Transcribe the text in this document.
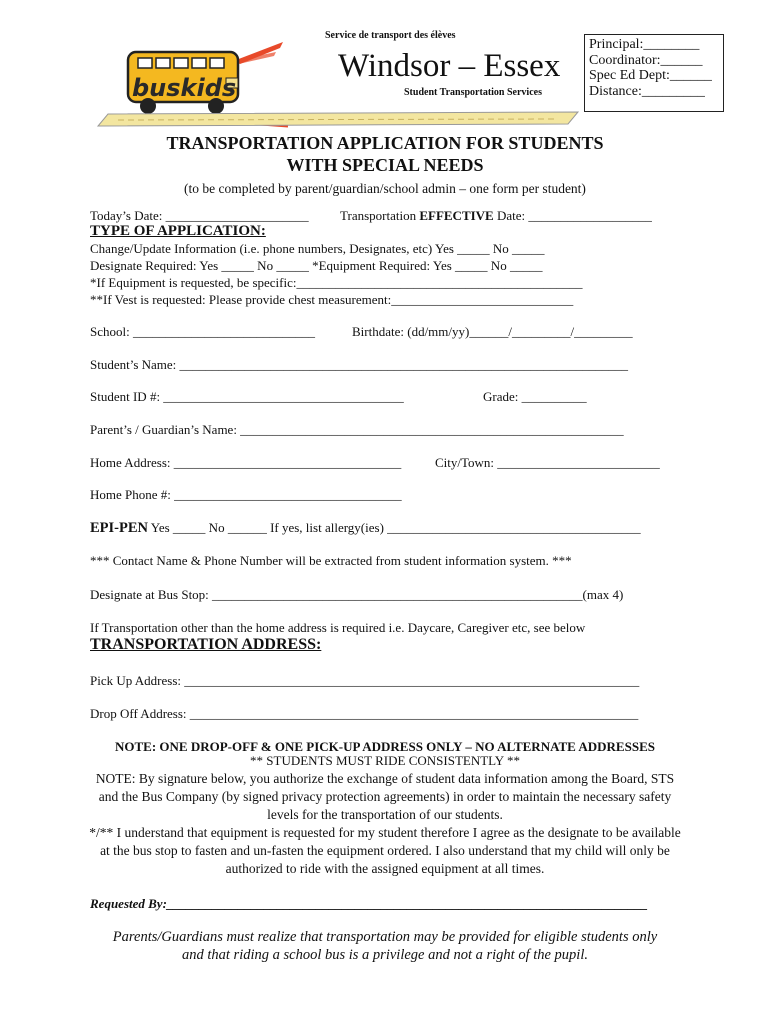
buskids
Service de transport des élèves
Windsor – Essex
Student Transportation Services
Principal:________
Coordinator:______
Spec Ed Dept:______
Distance:_________
TRANSPORTATION APPLICATION FOR STUDENTS
WITH SPECIAL NEEDS
(to be completed by parent/guardian/school admin – one form per student)
Today’s Date: ______________________ Transportation EFFECTIVE Date: ___________________
TYPE OF APPLICATION:
Change/Update Information (i.e. phone numbers, Designates, etc) Yes _____ No _____
Designate Required: Yes _____ No _____ *Equipment Required: Yes _____ No _____
*If Equipment is requested, be specific:____________________________________________
**If Vest is requested: Please provide chest measurement:____________________________
School: ____________________________	Birthdate: (dd/mm/yy)______/_________/_________
Student’s Name: _____________________________________________________________________
Student ID #: _____________________________________	Grade: __________
Parent’s / Guardian’s Name: ___________________________________________________________
Home Address: ___________________________________	City/Town: _________________________
Home Phone #: ___________________________________
EPI-PEN Yes _____ No ______ If yes, list allergy(ies) _______________________________________
*** Contact Name & Phone Number will be extracted from student information system. ***
Designate at Bus Stop: _________________________________________________________(max 4)
If Transportation other than the home address is required i.e. Daycare, Caregiver etc, see below
TRANSPORTATION ADDRESS:
Pick Up Address: ______________________________________________________________________
Drop Off Address: _____________________________________________________________________
NOTE: ONE DROP-OFF & ONE PICK-UP ADDRESS ONLY – NO ALTERNATE ADDRESSES
** STUDENTS MUST RIDE CONSISTENTLY **
NOTE: By signature below, you authorize the exchange of student data information among the Board, STS and the Bus Company (by signed privacy protection agreements) in order to maintain the necessary safety levels for the transportation of our students.
*/** I understand that equipment is requested for my student therefore I agree as the designate to be available at the bus stop to fasten and un-fasten the equipment ordered. I also understand that my child will only be authorized to ride with the assigned equipment at all times.
Requested By:__________________________________________________________________________
Parents/Guardians must realize that transportation may be provided for eligible students only
and that riding a school bus is a privilege and not a right of the pupil.
